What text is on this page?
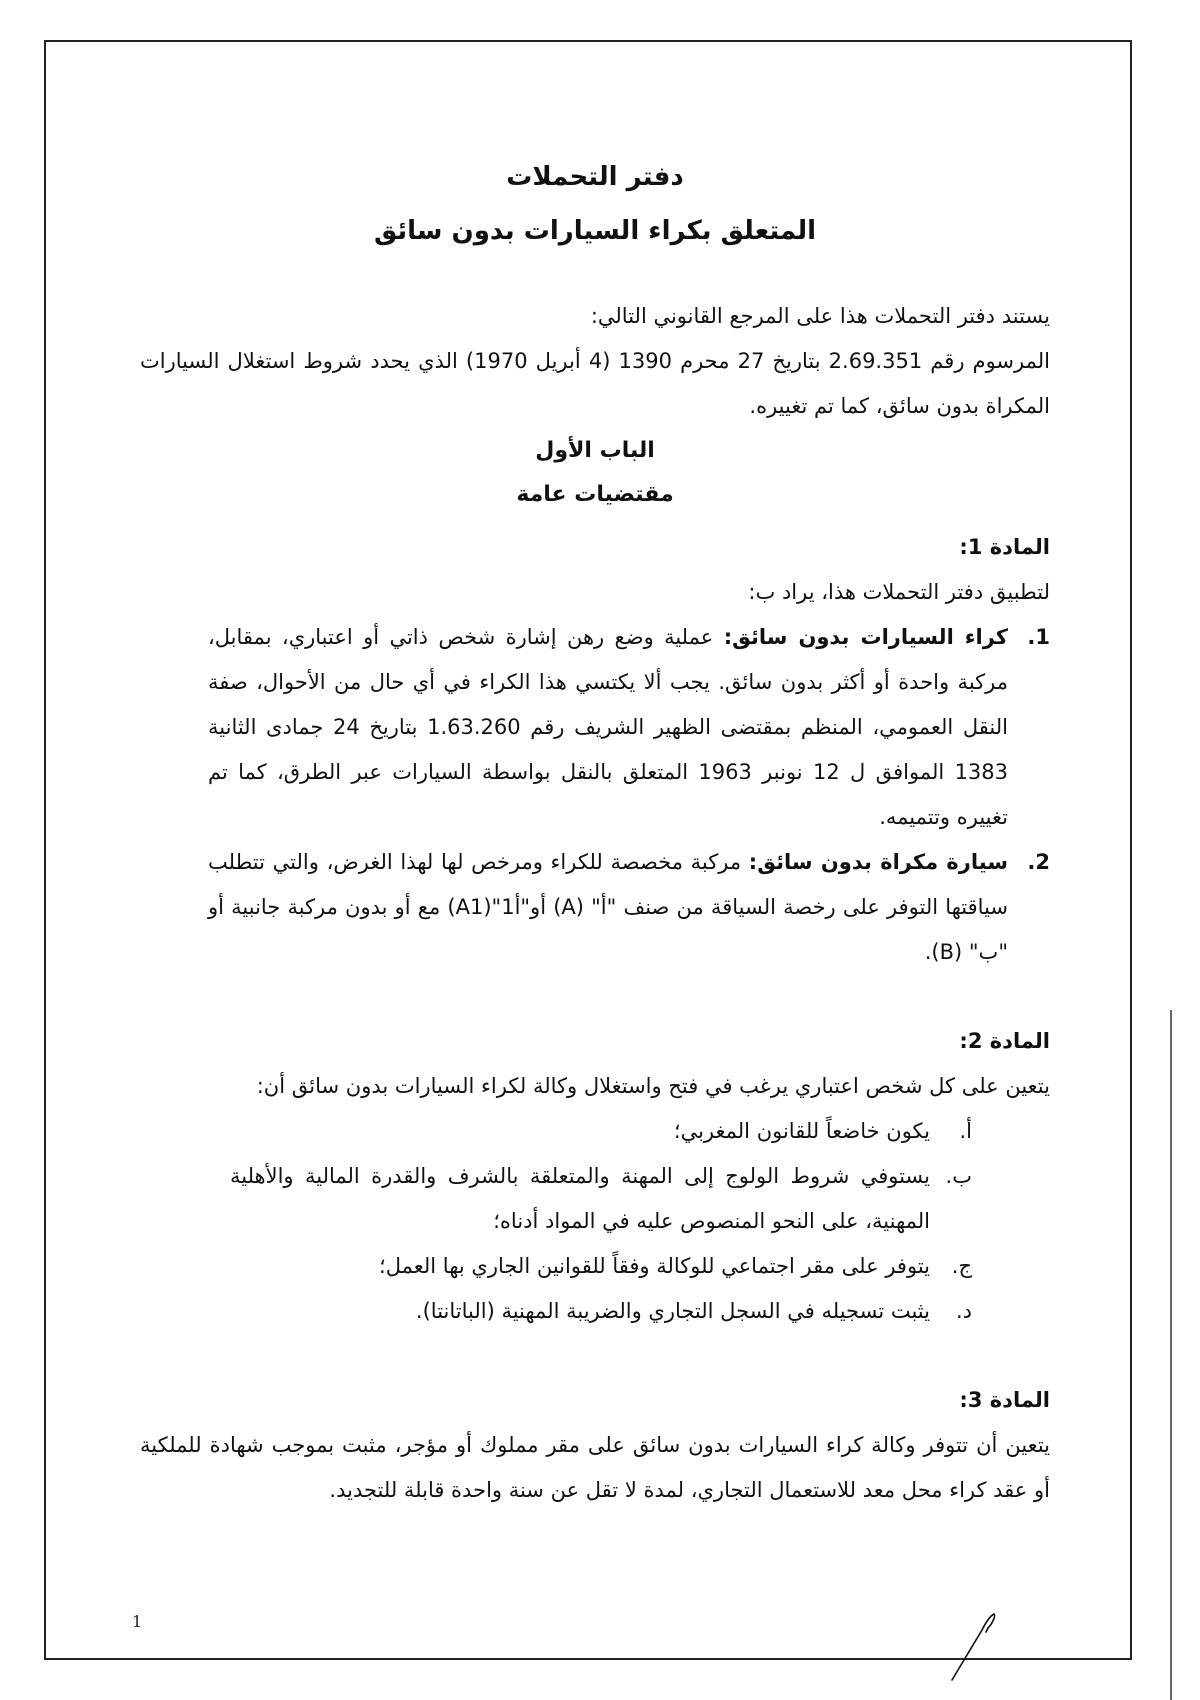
دفتر التحملات
المتعلق بكراء السيارات بدون سائق
يستند دفتر التحملات هذا على المرجع القانوني التالي:
المرسوم رقم 2.69.351 بتاريخ 27 محرم 1390 (4 أبريل 1970) الذي يحدد شروط استغلال السيارات المكراة بدون سائق، كما تم تغييره.
الباب الأول
مقتضيات عامة
المادة 1:
لتطبيق دفتر التحملات هذا، يراد ب:
1.
كراء السيارات بدون سائق: عملية وضع رهن إشارة شخص ذاتي أو اعتباري، بمقابل، مركبة واحدة أو أكثر بدون سائق. يجب ألا يكتسي هذا الكراء في أي حال من الأحوال، صفة النقل العمومي، المنظم بمقتضى الظهير الشريف رقم 1.63.260 بتاريخ 24 جمادى الثانية 1383 الموافق ل 12 نونبر 1963 المتعلق بالنقل بواسطة السيارات عبر الطرق، كما تم تغييره وتتميمه.
2.
سيارة مكراة بدون سائق: مركبة مخصصة للكراء ومرخص لها لهذا الغرض، والتي تتطلب سياقتها التوفر على رخصة السياقة من صنف "أ" (A) أو"أ1"(A1) مع أو بدون مركبة جانبية أو "ب" (B).
المادة 2:
يتعين على كل شخص اعتباري يرغب في فتح واستغلال وكالة لكراء السيارات بدون سائق أن:
أ.
يكون خاضعاً للقانون المغربي؛
ب.
يستوفي شروط الولوج إلى المهنة والمتعلقة بالشرف والقدرة المالية والأهلية المهنية، على النحو المنصوص عليه في المواد أدناه؛
ج.
يتوفر على مقر اجتماعي للوكالة وفقاً للقوانين الجاري بها العمل؛
د.
يثبت تسجيله في السجل التجاري والضريبة المهنية (الباتانتا).
المادة 3:
يتعين أن تتوفر وكالة كراء السيارات بدون سائق على مقر مملوك أو مؤجر، مثبت بموجب شهادة للملكية أو عقد كراء محل معد للاستعمال التجاري، لمدة لا تقل عن سنة واحدة قابلة للتجديد.
1
